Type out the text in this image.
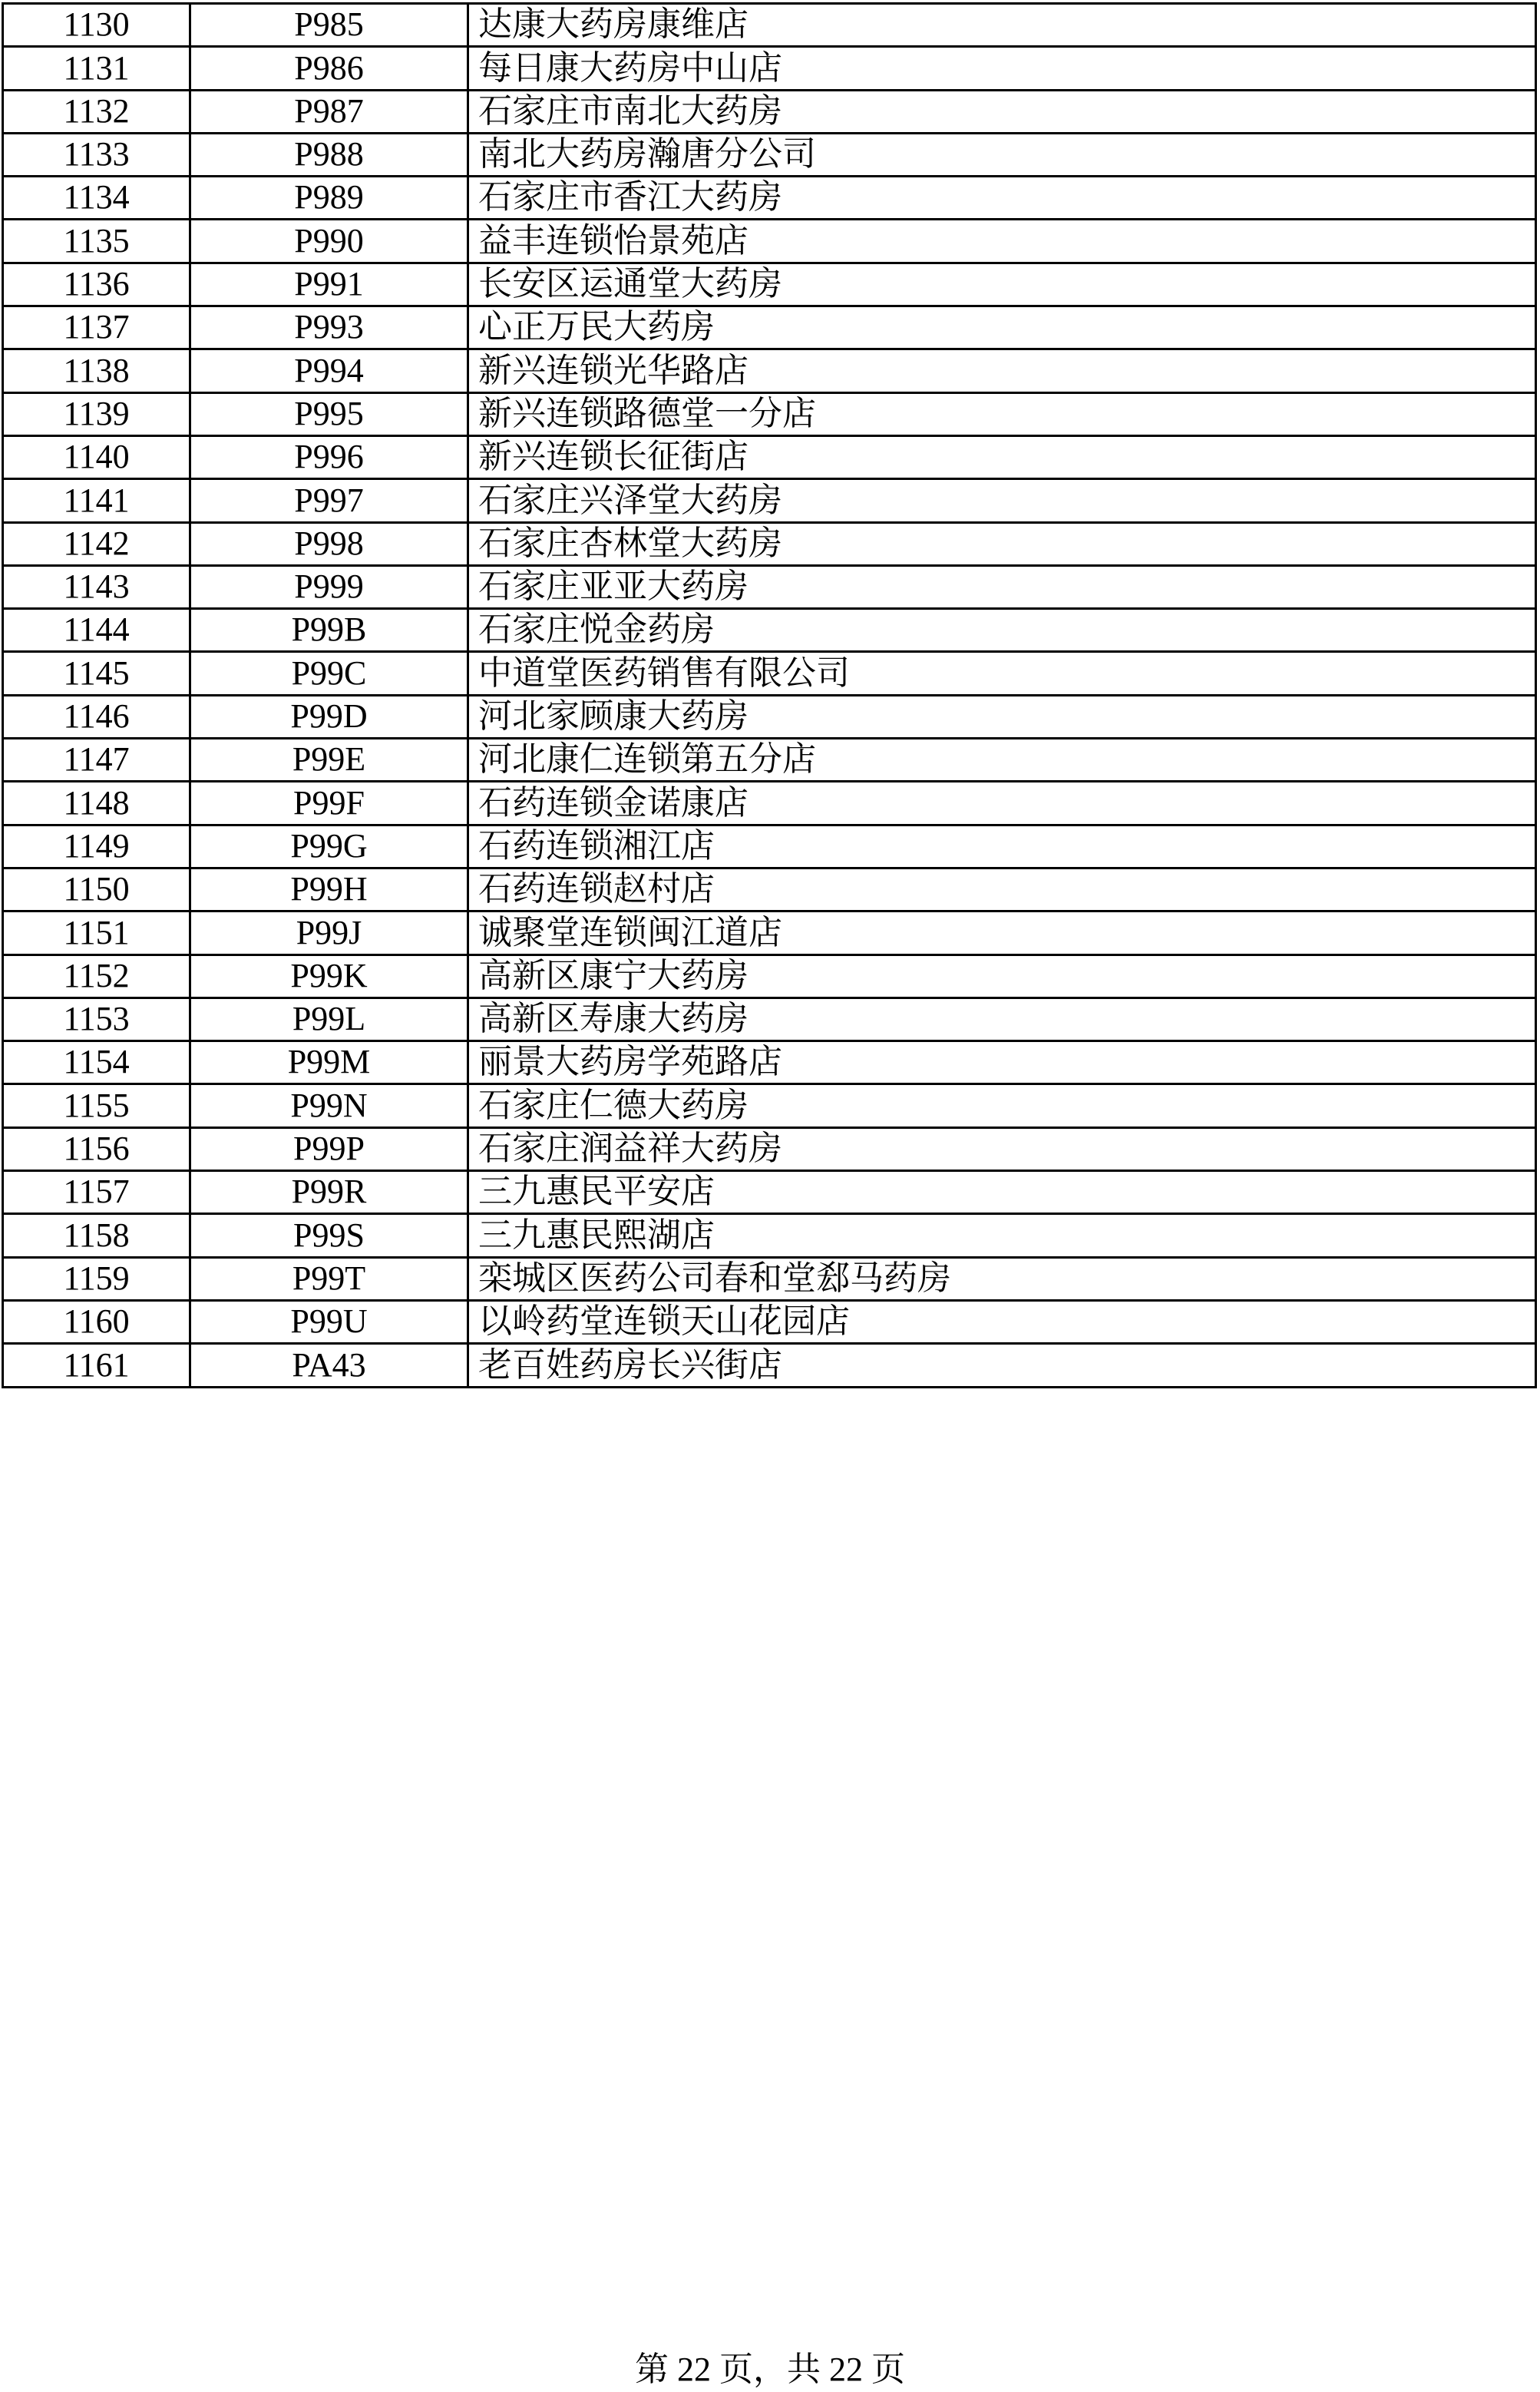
1130	P985	达康大药房康维店
1131	P986	每日康大药房中山店
1132	P987	石家庄市南北大药房
1133	P988	南北大药房瀚唐分公司
1134	P989	石家庄市香江大药房
1135	P990	益丰连锁怡景苑店
1136	P991	长安区运通堂大药房
1137	P993	心正万民大药房
1138	P994	新兴连锁光华路店
1139	P995	新兴连锁路德堂一分店
1140	P996	新兴连锁长征街店
1141	P997	石家庄兴泽堂大药房
1142	P998	石家庄杏林堂大药房
1143	P999	石家庄亚亚大药房
1144	P99B	石家庄悦金药房
1145	P99C	中道堂医药销售有限公司
1146	P99D	河北家顾康大药房
1147	P99E	河北康仁连锁第五分店
1148	P99F	石药连锁金诺康店
1149	P99G	石药连锁湘江店
1150	P99H	石药连锁赵村店
1151	P99J	诚聚堂连锁闽江道店
1152	P99K	高新区康宁大药房
1153	P99L	高新区寿康大药房
1154	P99M	丽景大药房学苑路店
1155	P99N	石家庄仁德大药房
1156	P99P	石家庄润益祥大药房
1157	P99R	三九惠民平安店
1158	P99S	三九惠民熙湖店
1159	P99T	栾城区医药公司春和堂郄马药房
1160	P99U	以岭药堂连锁天山花园店
1161	PA43	老百姓药房长兴街店
第 22 页，共 22 页
